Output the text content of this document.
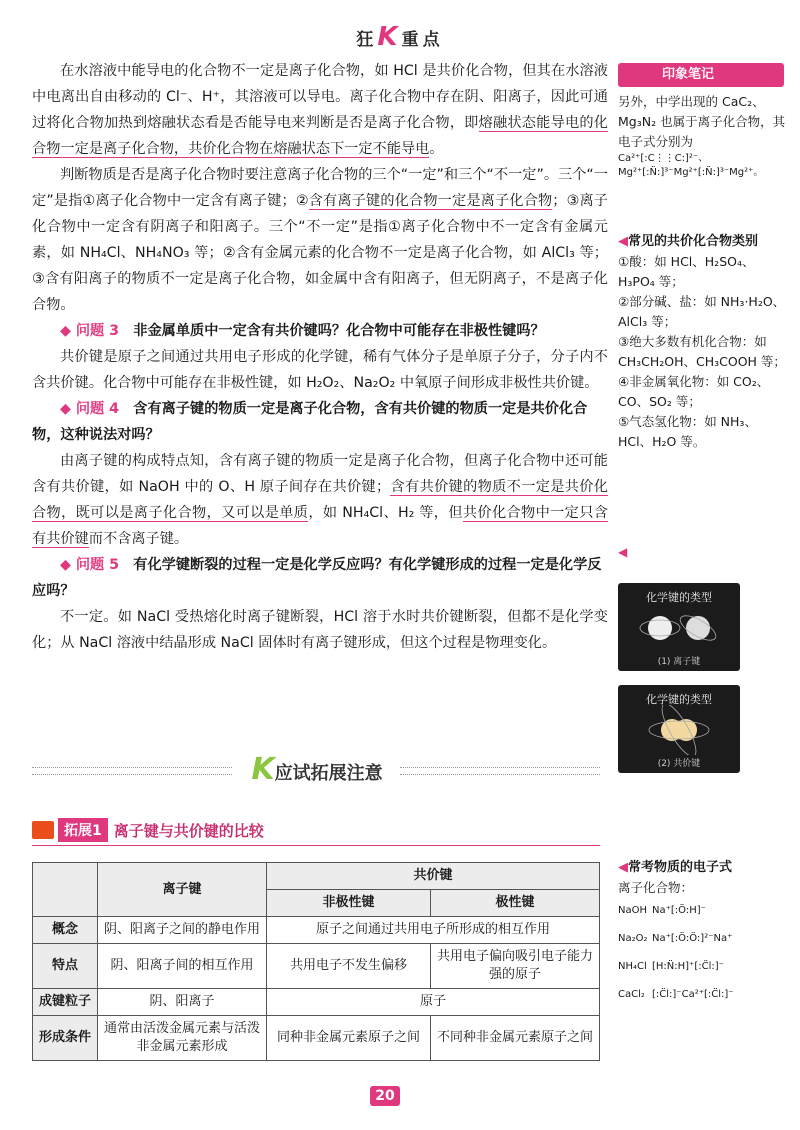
狂K重点

在水溶液中能导电的化合物不一定是离子化合物，如 HCl 是共价化合物，但其在水溶液中电离出自由移动的 Cl⁻、H⁺，其溶液可以导电。离子化合物中存在阴、阳离子，因此可通过将化合物加热到熔融状态看是否能导电来判断是否是离子化合物，即熔融状态能导电的化合物一定是离子化合物，共价化合物在熔融状态下一定不能导电。

判断物质是否是离子化合物时要注意离子化合物的三个“一定”和三个“不一定”。三个“一定”是指①离子化合物中一定含有离子键；②含有离子键的化合物一定是离子化合物；③离子化合物中一定含有阴离子和阳离子。三个“不一定”是指①离子化合物中不一定含有金属元素，如 NH₄Cl、NH₄NO₃ 等；②含有金属元素的化合物不一定是离子化合物，如 AlCl₃ 等；③含有阳离子的物质不一定是离子化合物，如金属中含有阳离子，但无阴离子，不是离子化合物。

◆ 问题 3　 非金属单质中一定含有共价键吗？化合物中可能存在非极性键吗？

共价键是原子之间通过共用电子形成的化学键，稀有气体分子是单原子分子，分子内不含共价键。化合物中可能存在非极性键，如 H₂O₂、Na₂O₂ 中氧原子间形成非极性共价键。

◆ 问题 4　 含有离子键的物质一定是离子化合物，含有共价键的物质一定是共价化合物，这种说法对吗？

由离子键的构成特点知，含有离子键的物质一定是离子化合物，但离子化合物中还可能含有共价键，如 NaOH 中的 O、H 原子间存在共价键；含有共价键的物质不一定是共价化合物，既可以是离子化合物，又可以是单质，如 NH₄Cl、H₂ 等，但共价化合物中一定只含有共价键而不含离子键。

◆ 问题 5　 有化学键断裂的过程一定是化学反应吗？有化学键形成的过程一定是化学反应吗？

不一定。如 NaCl 受热熔化时离子键断裂，HCl 溶于水时共价键断裂，但都不是化学变化；从 NaCl 溶液中结晶形成 NaCl 固体时有离子键形成，但这个过程是物理变化。

K应试拓展注意
拓展1 离子键与共价键的比较
	离子键	共价键	
		非极性键	极性键
概念	阴、阳离子之间的静电作用	原子之间通过共用电子所形成的相互作用	
特点	阴、阳离子间的相互作用	共用电子不发生偏移	共用电子偏向吸引电子能力强的原子
成键粒子	阴、阳离子	原子	
形成条件	通常由活泼金属元素与活泼非金属元素形成	同种非金属元素原子之间	不同种非金属元素原子之间
20
印象笔记
另外，中学出现的 CaC₂、Mg₃N₂ 也属于离子化合物，其电子式分别为
Ca²⁺[:C⋮⋮C:]²⁻、
Mg²⁺[:N̈:]³⁻Mg²⁺[:N̈:]³⁻Mg²⁺。
◀常见的共价化合物类别
①酸：如 HCl、H₂SO₄、H₃PO₄ 等；
②部分碱、盐：如 NH₃·H₂O、AlCl₃ 等；
③绝大多数有机化合物：如 CH₃CH₂OH、CH₃COOH 等；
④非金属氧化物：如 CO₂、CO、SO₂ 等；
⑤气态氢化物：如 NH₃、HCl、H₂O 等。
◀
化学键的类型
(1) 离子键
化学键的类型
(2) 共价键
◀常考物质的电子式
离子化合物：
NaOH Na⁺[:Ö:H]⁻
Na₂O₂ Na⁺[:Ö:Ö:]²⁻Na⁺
NH₄Cl [H:N̈:H]⁺[:C̈l:]⁻
CaCl₂ [:C̈l:]⁻Ca²⁺[:C̈l:]⁻
